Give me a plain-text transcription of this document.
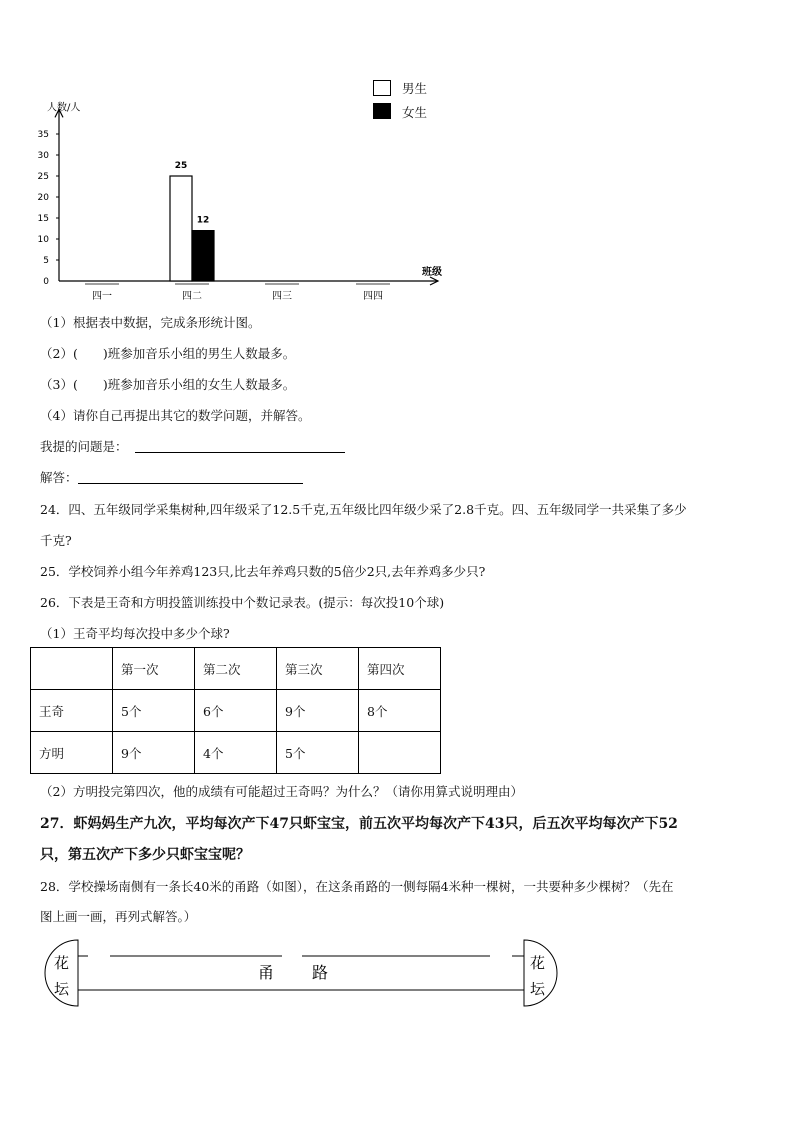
0
5
10
15
20
25
30
35
人数/人
班级
四一	四二	四三	四四
25
12
男生
女生
（1）根据表中数据，完成条形统计图。
（2）(　　)班参加音乐小组的男生人数最多。
（3）(　　)班参加音乐小组的女生人数最多。
（4）请你自己再提出其它的数学问题，并解答。
我提的问题是：
解答：
24．四、五年级同学采集树种,四年级采了12.5千克,五年级比四年级少采了2.8千克。四、五年级同学一共采集了多少
千克?
25．学校饲养小组今年养鸡123只,比去年养鸡只数的5倍少2只,去年养鸡多少只?
26．下表是王奇和方明投篮训练投中个数记录表。(提示：每次投10个球)
（1）王奇平均每次投中多少个球?
	第一次	第二次	第三次	第四次
王奇	5个	6个	9个	8个
方明	9个	4个	5个	
（2）方明投完第四次，他的成绩有可能超过王奇吗？为什么？（请你用算式说明理由）
27．虾妈妈生产九次，平均每次产下47只虾宝宝，前五次平均每次产下43只，后五次平均每次产下52
只，第五次产下多少只虾宝宝呢？
28．学校操场南侧有一条长40米的甬路（如图），在这条甬路的一侧每隔4米种一棵树，一共要种多少棵树？（先在
图上画一画，再列式解答。）
花
坛
花
坛
甬 路
